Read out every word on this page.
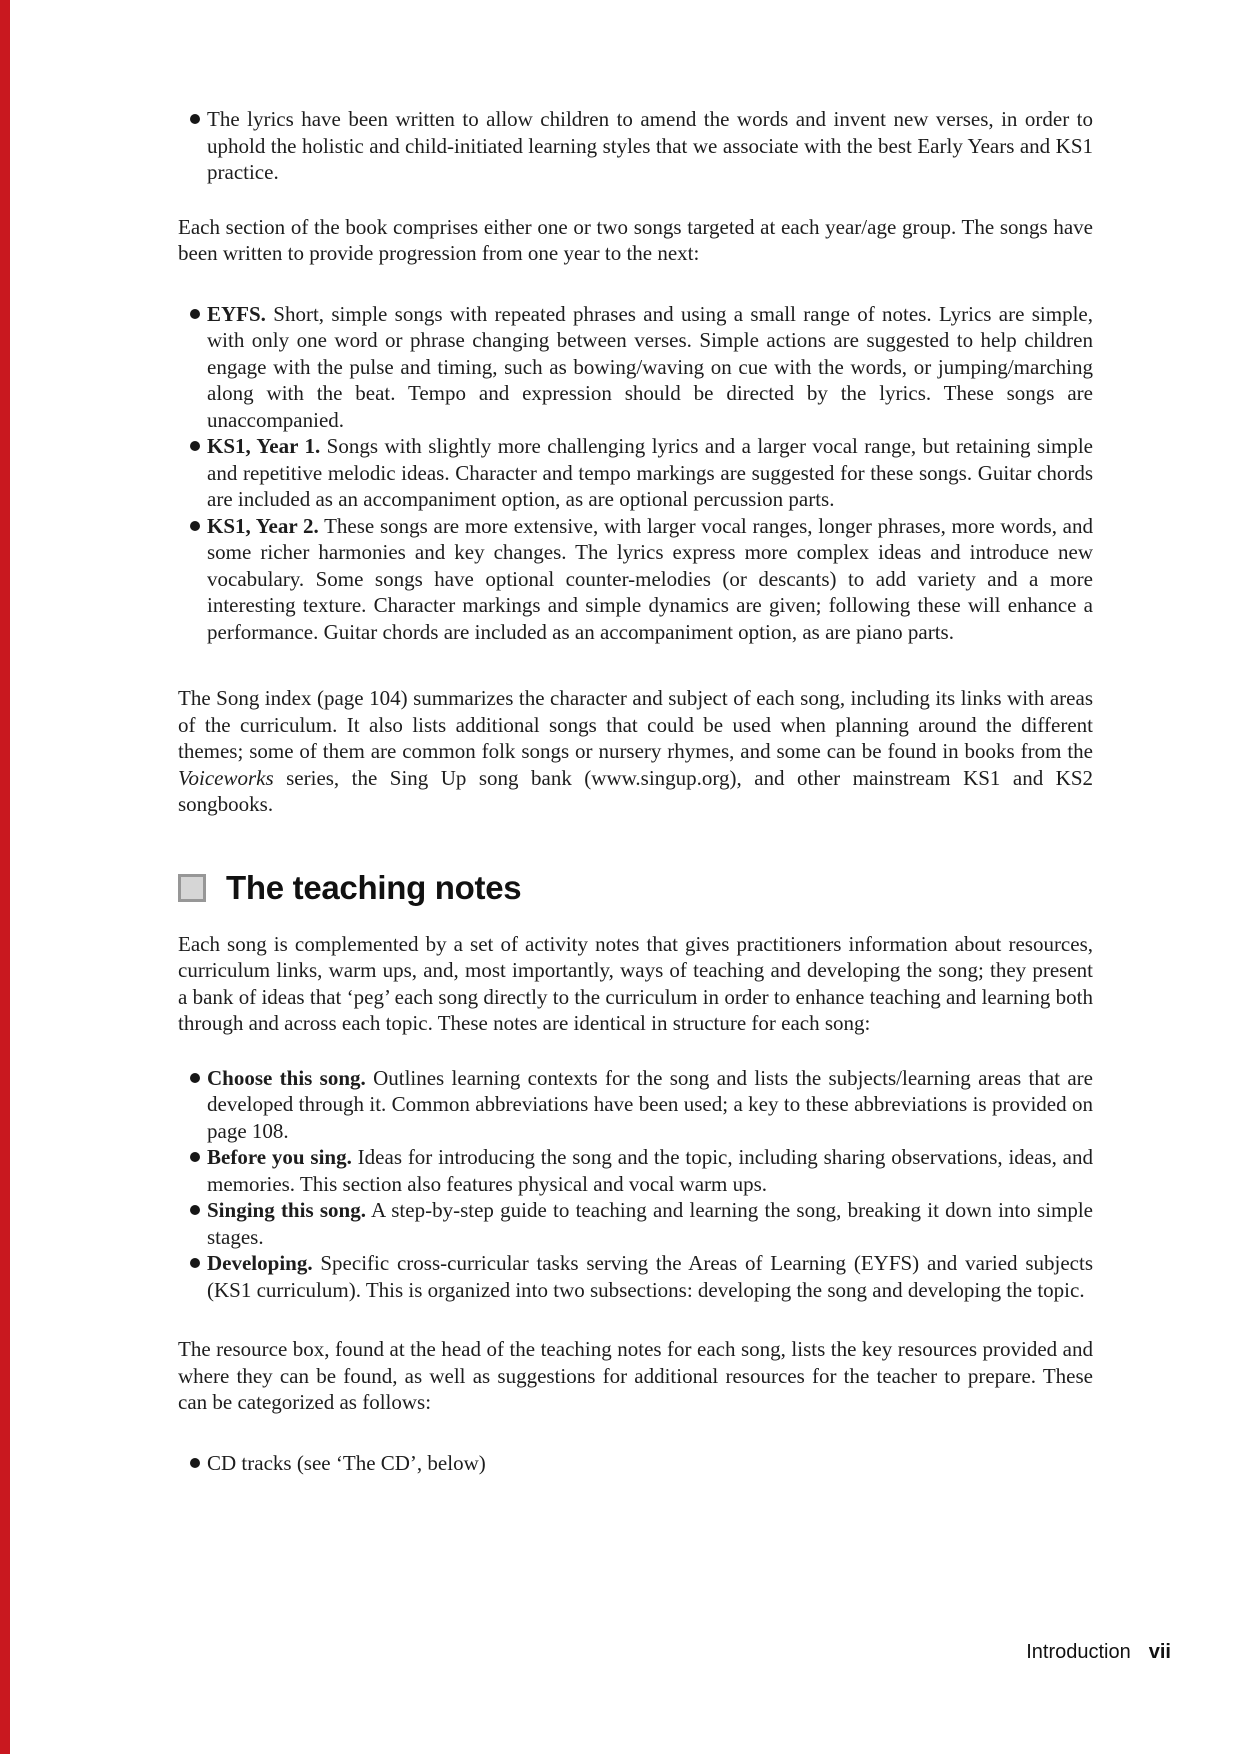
The lyrics have been written to allow children to amend the words and invent new verses, in order to uphold the holistic and child-initiated learning styles that we associate with the best Early Years and KS1 practice.

Each section of the book comprises either one or two songs targeted at each year/age group. The songs have been written to provide progression from one year to the next:

EYFS. Short, simple songs with repeated phrases and using a small range of notes. Lyrics are simple, with only one word or phrase changing between verses. Simple actions are suggested to help children engage with the pulse and timing, such as bowing/waving on cue with the words, or jumping/marching along with the beat. Tempo and expression should be directed by the lyrics. These songs are unaccompanied.
KS1, Year 1. Songs with slightly more challenging lyrics and a larger vocal range, but retaining simple and repetitive melodic ideas. Character and tempo markings are suggested for these songs. Guitar chords are included as an accompaniment option, as are optional percussion parts.
KS1, Year 2. These songs are more extensive, with larger vocal ranges, longer phrases, more words, and some richer harmonies and key changes. The lyrics express more complex ideas and introduce new vocabulary. Some songs have optional counter-melodies (or descants) to add variety and a more interesting texture. Character markings and simple dynamics are given; following these will enhance a performance. Guitar chords are included as an accompaniment option, as are piano parts.

The Song index (page 104) summarizes the character and subject of each song, including its links with areas of the curriculum. It also lists additional songs that could be used when planning around the different themes; some of them are common folk songs or nursery rhymes, and some can be found in books from the Voiceworks series, the Sing Up song bank (www.singup.org), and other mainstream KS1 and KS2 songbooks.

The teaching notes

Each song is complemented by a set of activity notes that gives practitioners information about resources, curriculum links, warm ups, and, most importantly, ways of teaching and developing the song; they present a bank of ideas that ‘peg’ each song directly to the curriculum in order to enhance teaching and learning both through and across each topic. These notes are identical in structure for each song:

Choose this song. Outlines learning contexts for the song and lists the subjects/learning areas that are developed through it. Common abbreviations have been used; a key to these abbreviations is provided on page 108.
Before you sing. Ideas for introducing the song and the topic, including sharing observations, ideas, and memories. This section also features physical and vocal warm ups.
Singing this song. A step-by-step guide to teaching and learning the song, breaking it down into simple stages.
Developing. Specific cross-curricular tasks serving the Areas of Learning (EYFS) and varied subjects (KS1 curriculum). This is organized into two subsections: developing the song and developing the topic.

The resource box, found at the head of the teaching notes for each song, lists the key resources provided and where they can be found, as well as suggestions for additional resources for the teacher to prepare. These can be categorized as follows:

CD tracks (see ‘The CD’, below)
Introduction vii
